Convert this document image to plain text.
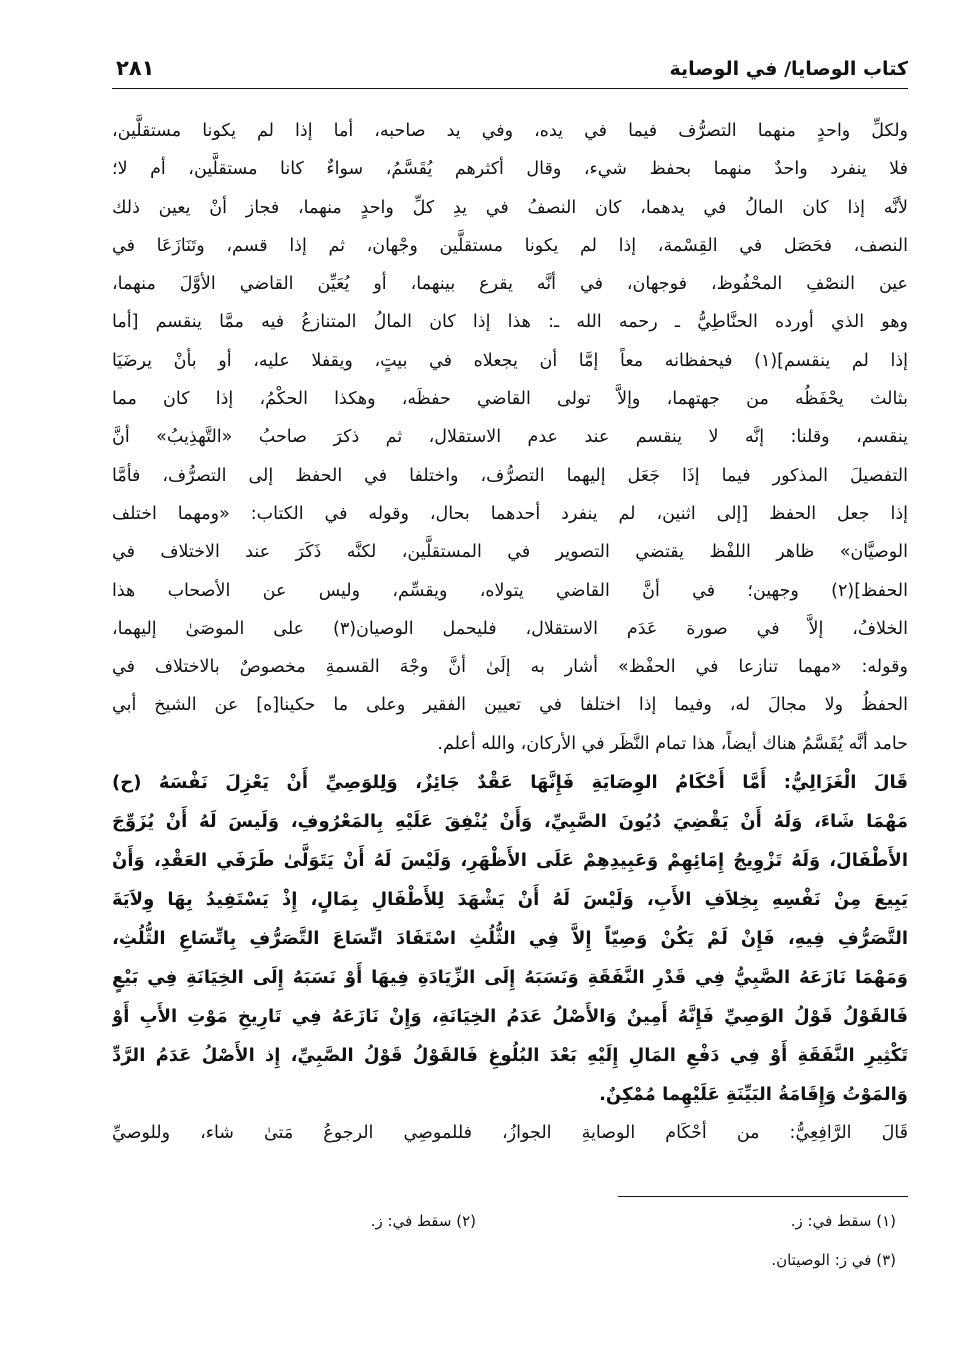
كتاب الوصايا/ في الوصاية
٢٨١
ولكلِّ واحدٍ منهما التصرُّف فيما في يده، وفي يد صاحبه، أما إذا لم يكونا مستقلَّين،
فلا ينفرد واحدٌ منهما بحفظ شيء، وقال أكثرهم يُقَسَّمُ، سواءٌ كانا مستقلَّين، أم لا؛
لأنَّه إذا كان المالُ في يدهما، كان النصفُ في يدِ كلِّ واحدٍ منهما، فجاز أنْ يعين ذلك
النصف، فحَصَل في القِسْمة، إذا لم يكونا مستقلَّين وجْهان، ثم إذا قسم، وتَنَازَعَا في
عين النصْفِ المحْفُوظ، فوجهان، في أنَّه يقرع بينهما، أو يُعَيِّن القاضي الأوَّلَ منهما،
وهو الذي أورده الحنَّاطِيُّ ـ رحمه الله ـ: هذا إذا كان المالُ المتنازعُ فيه ممَّا ينقسم [أما
إذا لم ينقسم](١) فيحفظانه معاً إمَّا أن يجعلاه في بيتٍ، ويقفلا عليه، أو بأنْ يرضَيَا
بثالث يحْفَظُه من جهتهما، وإلاَّ تولى القاضي حفظَه، وهكذا الحكْمُ، إذا كان مما
ينقسم، وقلنا: إنَّه لا ينقسم عند عدم الاستقلال، ثم ذكرَ صاحبُ «التَّهذِيبُ» أنَّ
التفصيلَ المذكور فيما إذَا جَعَل إليهما التصرُّف، واختلفا في الحفظ إلى التصرُّف، فأمَّا
إذا جعل الحفظ [إلى اثنين، لم ينفرد أحدهما بحال، وقوله في الكتاب: «ومهما اختلف
الوصيَّان» ظاهر اللفْظ يقتضي التصوير في المستقلَّين، لكنَّه ذَكَرَ عند الاختلاف في
الحفظ](٢) وجهين؛ في أنَّ القاضي يتولاه، ويقسِّم، وليس عن الأصحاب هذا
الخلافُ، إلاَّ في صورة عَدَم الاستقلال، فليحمل الوصيان(٣) على الموصَىٰ إليهما،
وقوله: «مهما تنازعا في الحفْظ» أشار به إلَىٰ أنَّ وجْهَ القسمةِ مخصوصٌ بالاختلاف في
الحفظُ ولا مجالَ له، وفيما إذا اختلفا في تعيين الفقير وعلى ما حكينا[ه] عن الشيخ أبي
حامد أنَّه يُقَسَّمُ هناك أيضاً، هذا تمام النَّظَر في الأركان، والله أعلم.
قَالَ الْغَزَالِيُّ: أَمَّا أَحْكَامُ الوِصَايَةِ فَإِنَّهَا عَقْدٌ جَائِزٌ، وَلِلوَصِيِّ أَنْ يَعْزِلَ نَفْسَهُ (ح)
مَهْمَا شَاءَ، وَلَهُ أَنْ يَقْضِيَ دُيُونَ الصَّبِيِّ، وَأَنْ يُنْفِقَ عَلَيْهِ بِالمَعْرُوفِ، وَلَيسَ لَهُ أَنْ يُزَوِّجَ
الأَطْفَالَ، وَلَهُ تَزْوِيجُ إِمَائِهِمْ وَعَبِيدِهِمْ عَلَى الأَظْهَرِ، وَلَيْسَ لَهُ أَنْ يَتَوَلَّىٰ طَرَفَي العَقْدِ، وَأَنْ
يَبِيعَ مِنْ نَفْسِهِ بِخِلاَفِ الأَبِ، وَلَيْسَ لَهُ أَنْ يَشْهَدَ لِلأَطْفَالِ بِمَالٍ، إِذْ يَسْتَفِيدُ بِهَا وِلاَيَةَ
التَّصَرُّفِ فِيهِ، فَإِنْ لَمْ يَكُنْ وَصِيّاً إِلاَّ فِي الثُّلُثِ اسْتَفَادَ اتِّسَاعَ التَّصَرُّفِ بِاتِّسَاعِ الثُّلُثِ،
وَمَهْمَا نَازَعَهُ الصَّبِيُّ فِي قَدْرِ النَّفَقَةِ وَنَسَبَهُ إِلَى الزِّيَادَةِ فِيهَا أَوْ نَسَبَهُ إِلَى الخِيَانَةِ فِي بَيْعٍ
فَالقَوْلُ قَوْلُ الوَصِيِّ فَإِنَّهُ أَمِينٌ وَالأَصْلُ عَدَمُ الخِيَانَةِ، وَإِنْ نَازَعَهُ فِي تَارِيخِ مَوْتِ الأَبِ أَوْ
تَكْثِيرِ النَّفَقَةِ أَوْ فِي دَفْعِ المَالِ إِلَيْهِ بَعْدَ البُلُوغِ فَالقَوْلُ قَوْلُ الصَّبِيِّ، إِذ الأَصْلُ عَدَمُ الرَّدِّ
وَالمَوْتُ وَإِقَامَةُ البَيِّنَةِ عَلَيْهِما مُمْكِنٌ.
قَالَ الرَّافِعِيُّ: من أحْكَام الوصايةِ الجوازُ، فللموصِي الرجوعُ مَتىٰ شاء، وللوصيِّ
(١) سقط في: ز.
(٢) سقط في: ز.
(٣) في ز: الوصيتان.
